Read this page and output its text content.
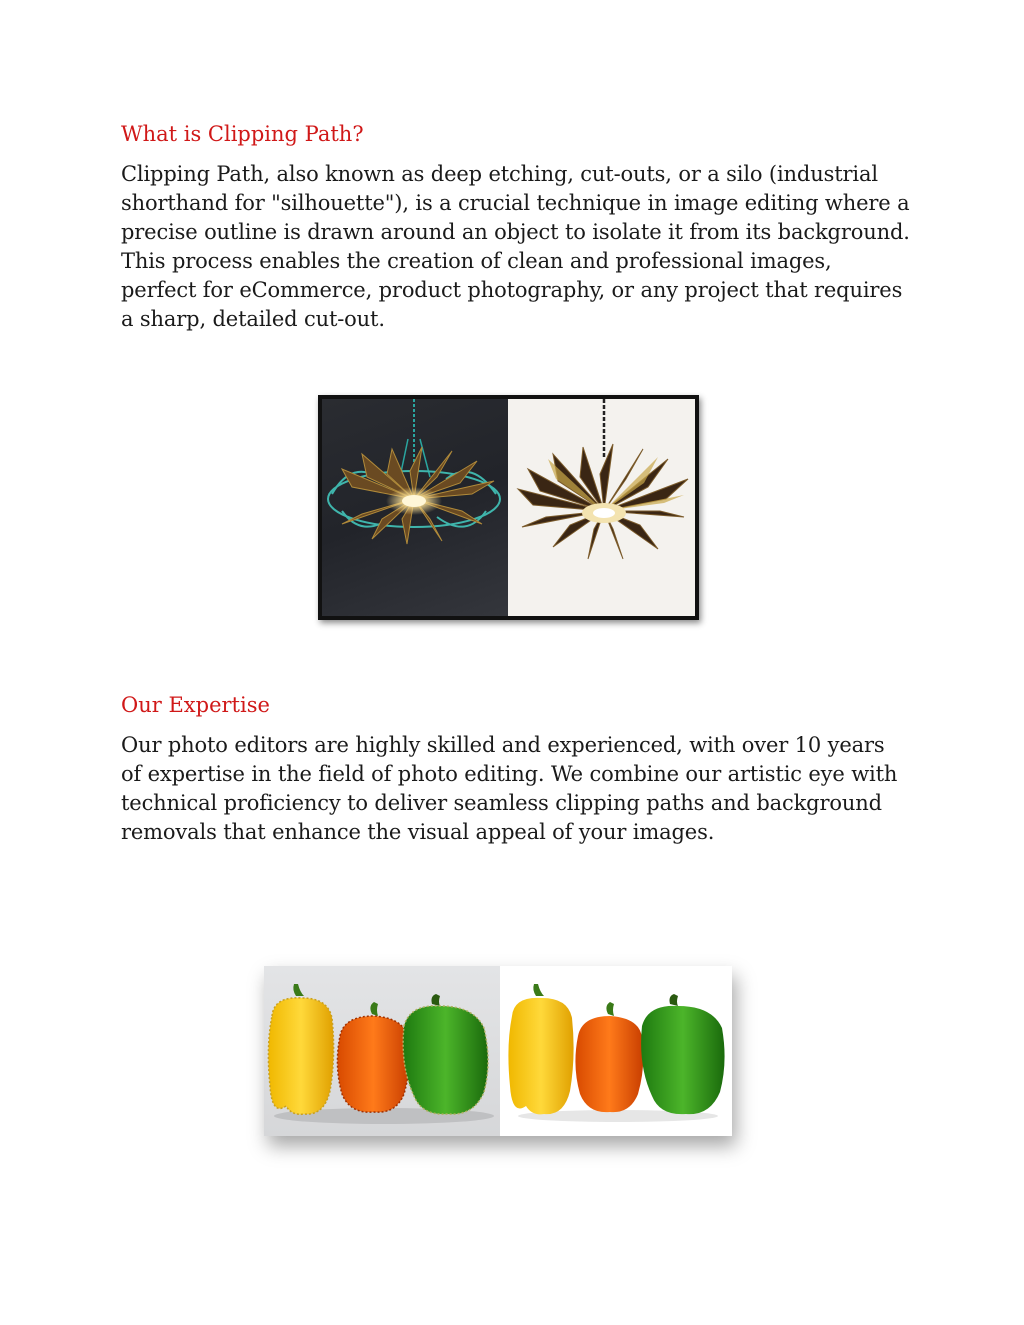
What is Clipping Path?

Clipping Path, also known as deep etching, cut-outs, or a silo (industrial shorthand for "silhouette"), is a crucial technique in image editing where a precise outline is drawn around an object to isolate it from its background. This process enables the creation of clean and professional images, perfect for eCommerce, product photography, or any project that requires a sharp, detailed cut-out.

Our Expertise

Our photo editors are highly skilled and experienced, with over 10 years of expertise in the field of photo editing. We combine our artistic eye with technical proficiency to deliver seamless clipping paths and background removals that enhance the visual appeal of your images.
